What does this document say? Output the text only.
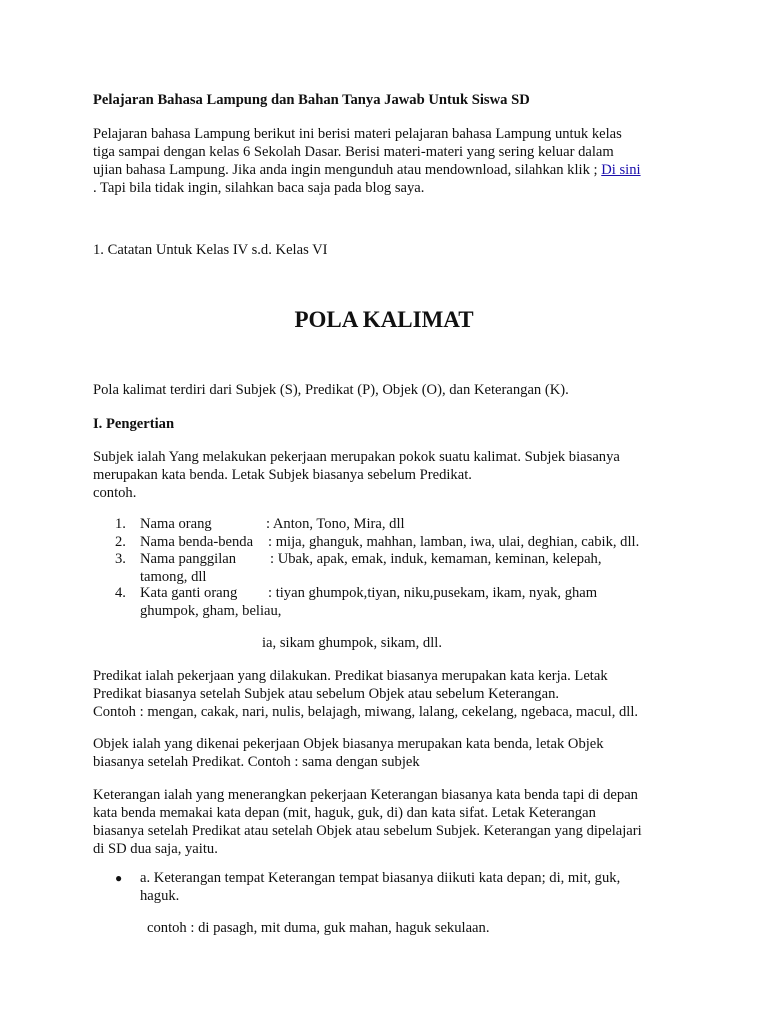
Pelajaran Bahasa Lampung dan Bahan Tanya Jawab Untuk Siswa SD

Pelajaran bahasa Lampung berikut ini berisi materi pelajaran bahasa Lampung untuk kelas
tiga sampai dengan kelas 6 Sekolah Dasar. Berisi materi-materi yang sering keluar dalam
ujian bahasa Lampung. Jika anda ingin mengunduh atau mendownload, silahkan klik ; Di sini
. Tapi bila tidak ingin, silahkan baca saja pada blog saya.

1. Catatan Untuk Kelas IV s.d. Kelas VI

POLA KALIMAT

Pola kalimat terdiri dari Subjek (S), Predikat (P), Objek (O), dan Keterangan (K).

I. Pengertian

Subjek ialah Yang melakukan pekerjaan merupakan pokok suatu kalimat. Subjek biasanya
merupakan kata benda. Letak Subjek biasanya sebelum Predikat.
contoh.

1. Nama orang	: Anton, Tono, Mira, dll
2. Nama benda-benda : mija, ghanguk, mahhan, lamban, iwa, ulai, deghian, cabik, dll.
3. Nama panggilan : Ubak, apak, emak, induk, kemaman, keminan, kelepah,
tamong, dll
4. Kata ganti orang : tiyan ghumpok,tiyan, niku,pusekam, ikam, nyak, gham
ghumpok, gham, beliau,

ia, sikam ghumpok, sikam, dll.

Predikat ialah pekerjaan yang dilakukan. Predikat biasanya merupakan kata kerja. Letak
Predikat biasanya setelah Subjek atau sebelum Objek atau sebelum Keterangan.
Contoh : mengan, cakak, nari, nulis, belajagh, miwang, lalang, cekelang, ngebaca, macul, dll.

Objek ialah yang dikenai pekerjaan Objek biasanya merupakan kata benda, letak Objek
biasanya setelah Predikat. Contoh : sama dengan subjek

Keterangan ialah yang menerangkan pekerjaan Keterangan biasanya kata benda tapi di depan
kata benda memakai kata depan (mit, haguk, guk, di) dan kata sifat. Letak Keterangan
biasanya setelah Predikat atau setelah Objek atau sebelum Subjek. Keterangan yang dipelajari
di SD dua saja, yaitu.

● a. Keterangan tempat Keterangan tempat biasanya diikuti kata depan; di, mit, guk,
haguk.

contoh : di pasagh, mit duma, guk mahan, haguk sekulaan.
